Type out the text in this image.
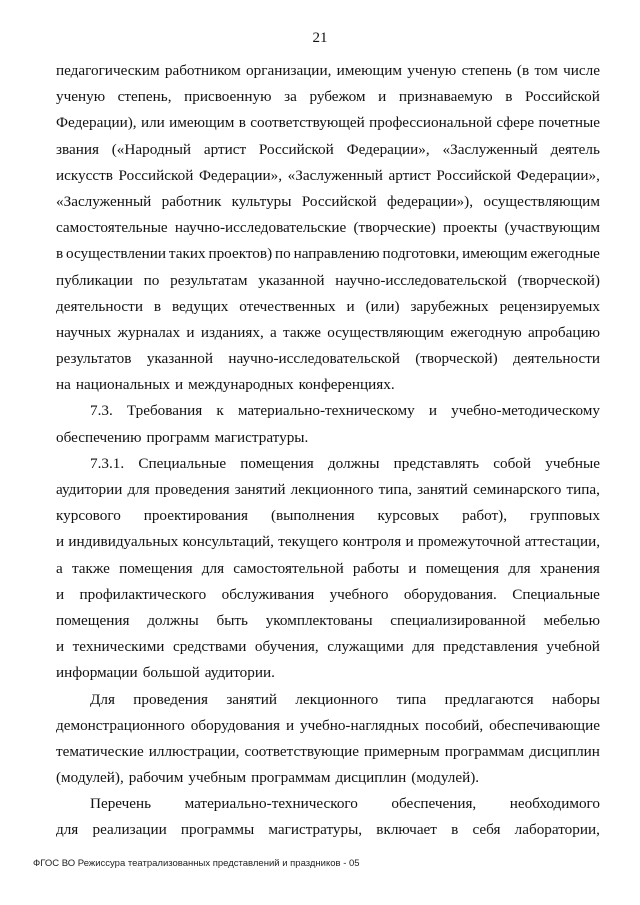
21
педагогическим работником организации, имеющим ученую степень (в том числе
ученую степень, присвоенную за рубежом и признаваемую в Российской
Федерации), или имеющим в соответствующей профессиональной сфере почетные
звания («Народный артист Российской Федерации», «Заслуженный деятель
искусств Российской Федерации», «Заслуженный артист Российской Федерации»,
«Заслуженный работник культуры Российской федерации»), осуществляющим
самостоятельные научно-исследовательские (творческие) проекты (участвующим
в осуществлении таких проектов) по направлению подготовки, имеющим ежегодные
публикации по результатам указанной научно-исследовательской (творческой)
деятельности в ведущих отечественных и (или) зарубежных рецензируемых
научных журналах и изданиях, а также осуществляющим ежегодную апробацию
результатов указанной научно-исследовательской (творческой) деятельности
на национальных и международных конференциях.
7.3. Требования к материально-техническому и учебно-методическому
обеспечению программ магистратуры.
7.3.1. Специальные помещения должны представлять собой учебные
аудитории для проведения занятий лекционного типа, занятий семинарского типа,
курсового проектирования (выполнения курсовых работ), групповых
и индивидуальных консультаций, текущего контроля и промежуточной аттестации,
а также помещения для самостоятельной работы и помещения для хранения
и профилактического обслуживания учебного оборудования. Специальные
помещения должны быть укомплектованы специализированной мебелью
и техническими средствами обучения, служащими для представления учебной
информации большой аудитории.
Для проведения занятий лекционного типа предлагаются наборы
демонстрационного оборудования и учебно-наглядных пособий, обеспечивающие
тематические иллюстрации, соответствующие примерным программам дисциплин
(модулей), рабочим учебным программам дисциплин (модулей).
Перечень материально-технического обеспечения, необходимого
для реализации программы магистратуры, включает в себя лаборатории,
ФГОС ВО Режиссура театрализованных представлений и праздников - 05
